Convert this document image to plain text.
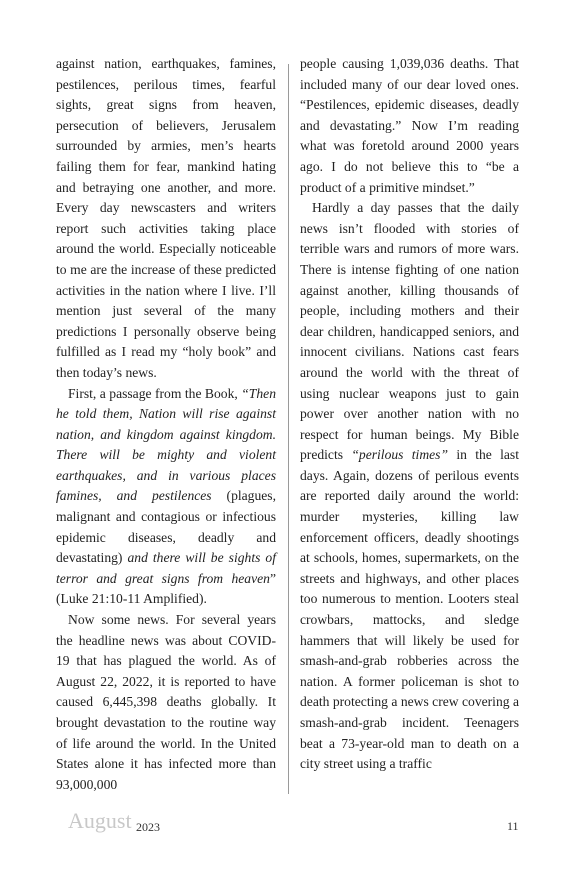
against nation, earthquakes, famines, pestilences, perilous times, fearful sights, great signs from heaven, persecution of believers, Jerusalem surrounded by armies, men’s hearts failing them for fear, mankind hating and betraying one another, and more. Every day newscasters and writers report such activities taking place around the world. Especially noticeable to me are the increase of these predicted activities in the nation where I live. I’ll mention just several of the many predictions I personally observe being fulfilled as I read my “holy book” and then today’s news.

First, a passage from the Book, “Then he told them, Nation will rise against nation, and kingdom against kingdom. There will be mighty and violent earthquakes, and in various places famines, and pestilences (plagues, malignant and contagious or infectious epidemic diseases, deadly and devastating) and there will be sights of terror and great signs from heaven” (Luke 21:10-11 Amplified).

Now some news. For several years the headline news was about COVID-19 that has plagued the world. As of August 22, 2022, it is reported to have caused 6,445,398 deaths globally. It brought devastation to the routine way of life around the world. In the United States alone it has infected more than 93,000,000

people causing 1,039,036 deaths. That included many of our dear loved ones. “Pestilences, epidemic diseases, deadly and devastating.” Now I’m reading what was foretold around 2000 years ago. I do not believe this to “be a product of a primitive mindset.”

Hardly a day passes that the daily news isn’t flooded with stories of terrible wars and rumors of more wars. There is intense fighting of one nation against another, killing thousands of people, including mothers and their dear children, handicapped seniors, and innocent civilians. Nations cast fears around the world with the threat of using nuclear weapons just to gain power over another nation with no respect for human beings. My Bible predicts “perilous times” in the last days. Again, dozens of perilous events are reported daily around the world: murder mysteries, killing law enforcement officers, deadly shootings at schools, homes, supermarkets, on the streets and highways, and other places too numerous to mention. Looters steal crowbars, mattocks, and sledge hammers that will likely be used for smash-and-grab robberies across the nation. A former policeman is shot to death protecting a news crew covering a smash-and-grab incident. Teenagers beat a 73-year-old man to death on a city street using a traffic

August 2023	11
